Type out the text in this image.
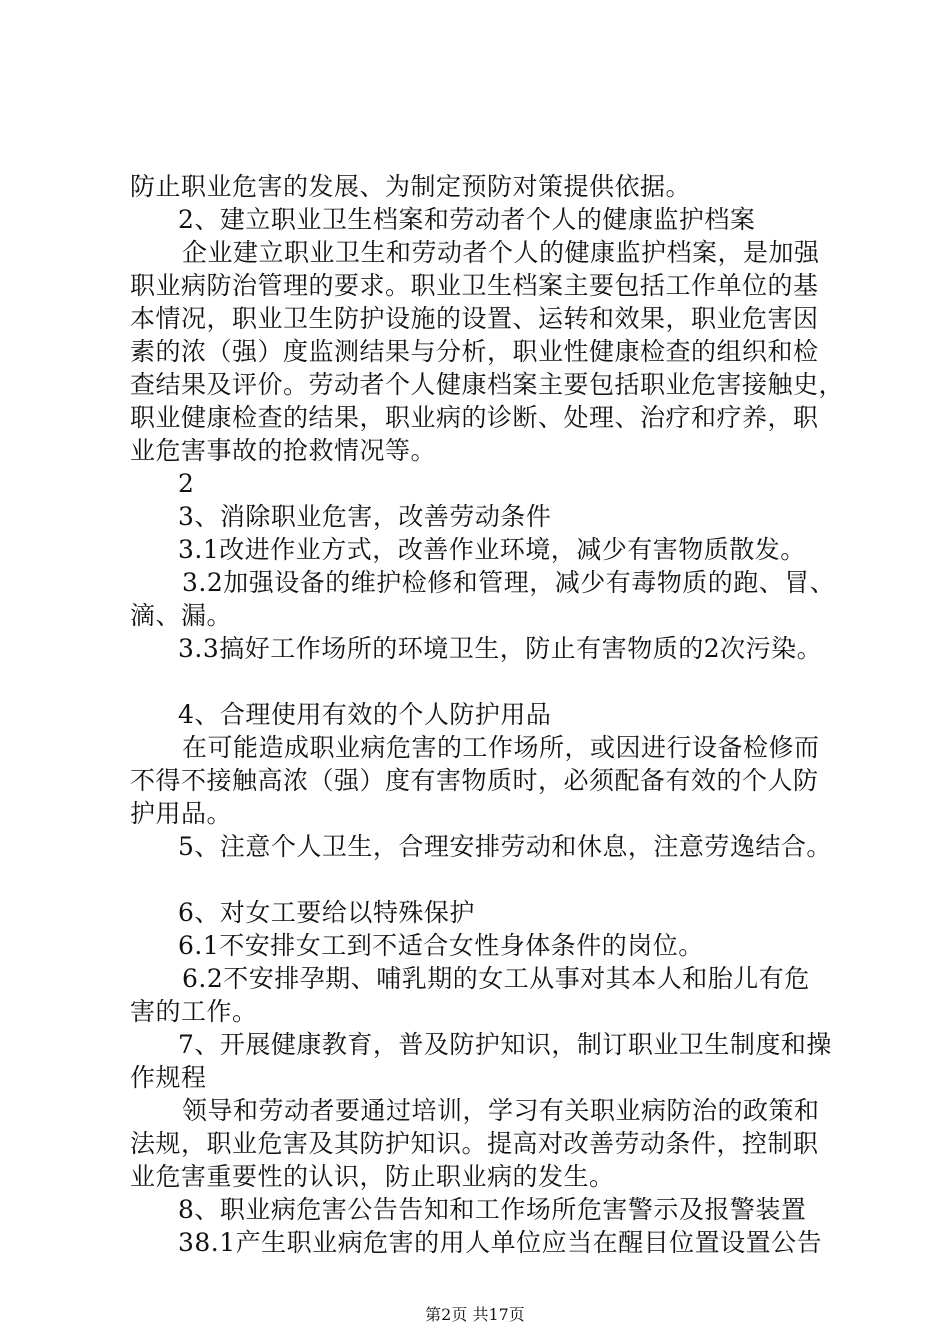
防止职业危害的发展、为制定预防对策提供依据。
2、建立职业卫生档案和劳动者个人的健康监护档案
企业建立职业卫生和劳动者个人的健康监护档案，是加强
职业病防治管理的要求。职业卫生档案主要包括工作单位的基
本情况，职业卫生防护设施的设置、运转和效果，职业危害因
素的浓（强）度监测结果与分析，职业性健康检查的组织和检
查结果及评价。劳动者个人健康档案主要包括职业危害接触史，
职业健康检查的结果，职业病的诊断、处理、治疗和疗养，职
业危害事故的抢救情况等。
2
3、消除职业危害，改善劳动条件
3.1改进作业方式，改善作业环境，减少有害物质散发。
3.2加强设备的维护检修和管理，减少有毒物质的跑、冒、
滴、漏。
3.3搞好工作场所的环境卫生，防止有害物质的2次污染。
4、合理使用有效的个人防护用品
在可能造成职业病危害的工作场所，或因进行设备检修而
不得不接触高浓（强）度有害物质时，必须配备有效的个人防
护用品。
5、注意个人卫生，合理安排劳动和休息，注意劳逸结合。
6、对女工要给以特殊保护
6.1不安排女工到不适合女性身体条件的岗位。
6.2不安排孕期、哺乳期的女工从事对其本人和胎儿有危
害的工作。
7、开展健康教育，普及防护知识，制订职业卫生制度和操
作规程
领导和劳动者要通过培训，学习有关职业病防治的政策和
法规，职业危害及其防护知识。提高对改善劳动条件，控制职
业危害重要性的认识，防止职业病的发生。
8、职业病危害公告告知和工作场所危害警示及报警装置
38.1产生职业病危害的用人单位应当在醒目位置设置公告
第2页 共17页
